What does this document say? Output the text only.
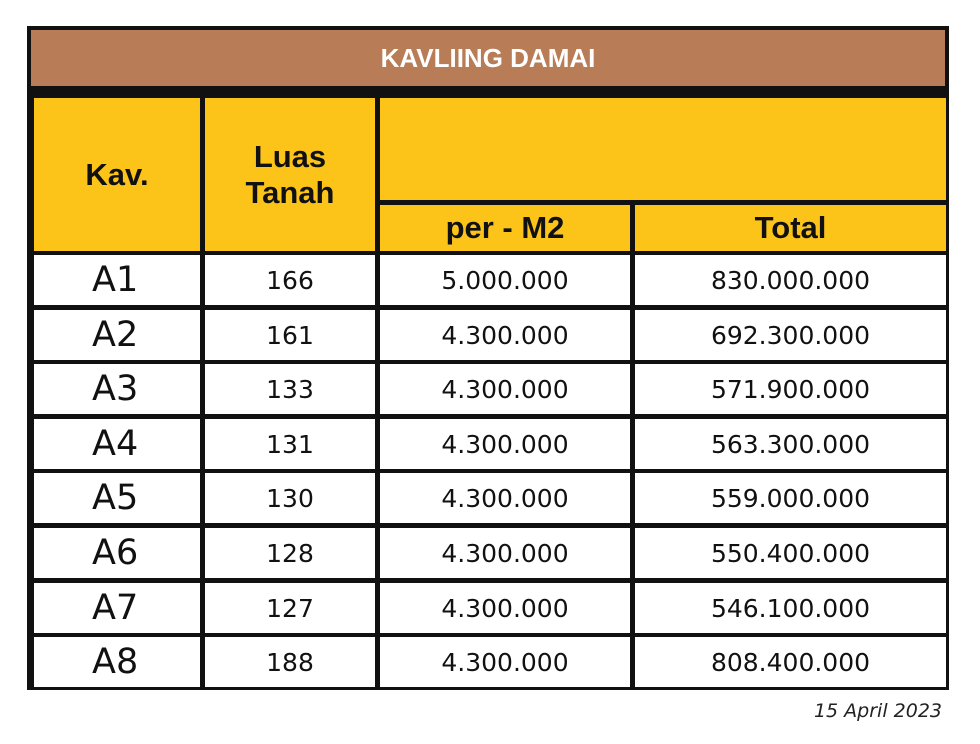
KAVLIING DAMAI
Kav.
Luas Tanah
per - M2	Total
A1	166	5.000.000	830.000.000
A2	161	4.300.000	692.300.000
A3	133	4.300.000	571.900.000
A4	131	4.300.000	563.300.000
A5	130	4.300.000	559.000.000
A6	128	4.300.000	550.400.000
A7	127	4.300.000	546.100.000
A8	188	4.300.000	808.400.000
15 April 2023
